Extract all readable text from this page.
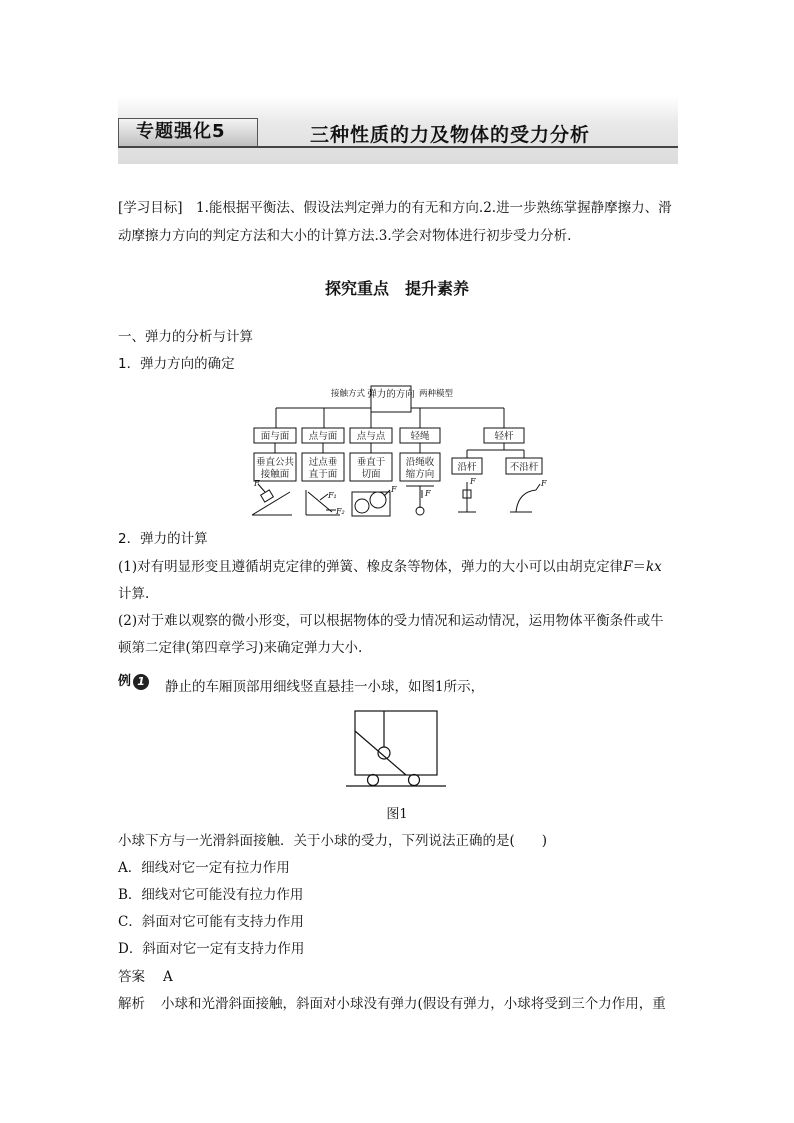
专题强化5	三种性质的力及物体的受力分析
[学习目标]　1.能根据平衡法、假设法判定弹力的有无和方向.2.进一步熟练掌握静摩擦力、滑
动摩擦力方向的判定方法和大小的计算方法.3.学会对物体进行初步受力分析.
探究重点　提升素养
一、弹力的分析与计算
1．弹力方向的确定
弹力的方向
接触方式	两种模型
面与面 点与面 点与点	轻绳	轻杆
垂直公共
接触面
过点垂
直于面
垂直于
切面
沿绳收
缩方向
沿杆	不沿杆
F
F₁
F₂
F	F
F	F
2．弹力的计算
(1)对有明显形变且遵循胡克定律的弹簧、橡皮条等物体，弹力的大小可以由胡克定律F＝kx
计算.
(2)对于难以观察的微小形变，可以根据物体的受力情况和运动情况，运用物体平衡条件或牛
顿第二定律(第四章学习)来确定弹力大小.
例 1	静止的车厢顶部用细线竖直悬挂一小球，如图1所示，
图1
小球下方与一光滑斜面接触．关于小球的受力，下列说法正确的是(　　)
A．细线对它一定有拉力作用
B．细线对它可能没有拉力作用
C．斜面对它可能有支持力作用
D．斜面对它一定有支持力作用
答案 A
解析 小球和光滑斜面接触，斜面对小球没有弹力(假设有弹力，小球将受到三个力作用，重
